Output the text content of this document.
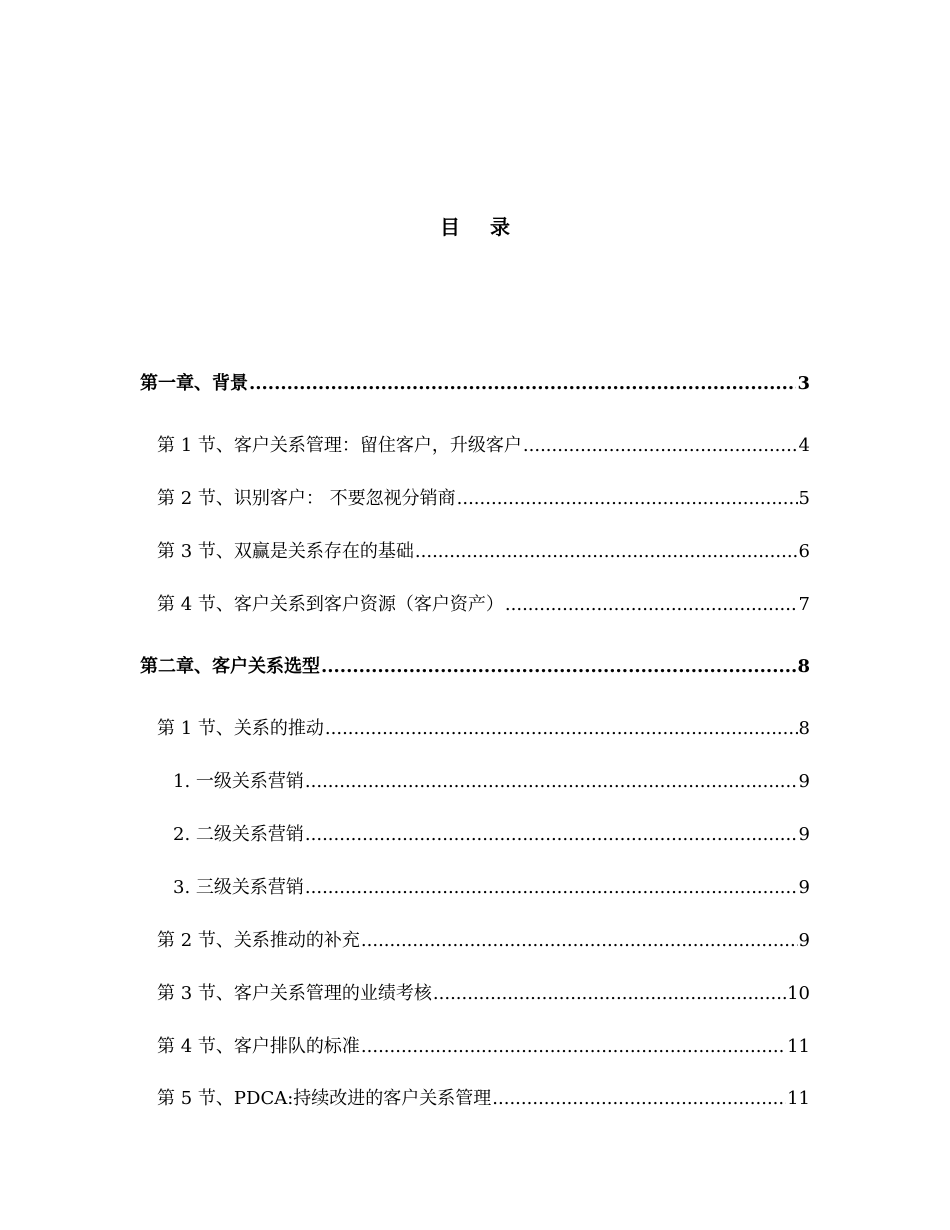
目录
第一章、 背景 .....	3
第 1 节、 客户关系管理：留住客户，升级客户 .....	4
第 2 节、 识别客户： 不要忽视分销商 .....	5
第 3 节、 双赢是关系存在的基础 .....	6
第 4 节、 客户关系到客户资源（客户资产） .....	7
第二章、 客户关系选型 .....	8
第 1 节、 关系的推动 .....	8
1. 一级关系营销 .....	9
2. 二级关系营销 .....	9
3. 三级关系营销 .....	9
第 2 节、 关系推动的补充 .....	9
第 3 节、 客户关系管理的业绩考核 .....	10
第 4 节、 客户排队的标准 .....	11
第 5 节、 PDCA:持续改进的客户关系管理 .....	11
